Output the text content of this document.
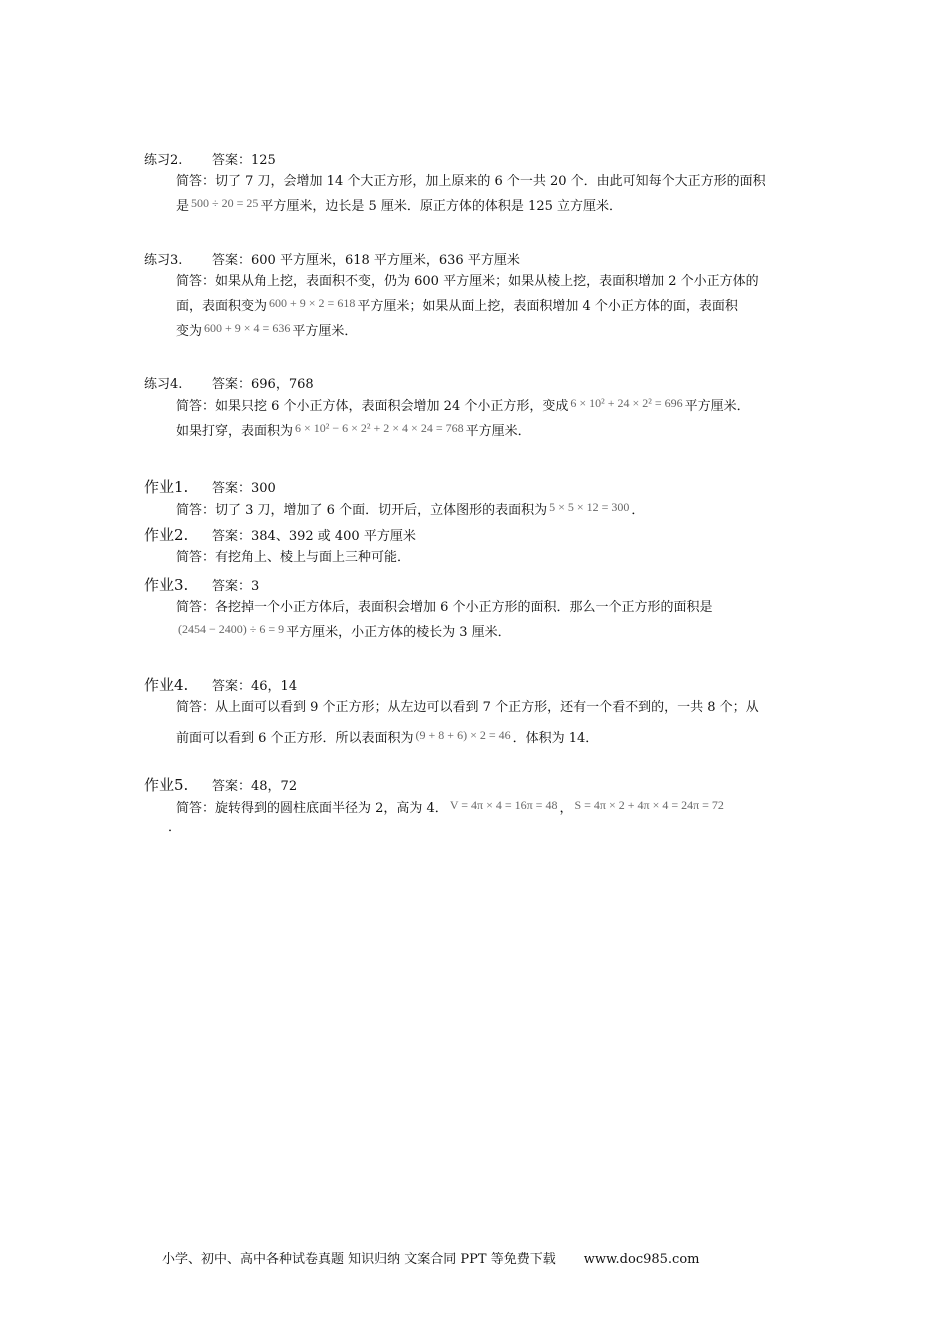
练习2. 答案：125
简答：切了 7 刀，会增加 14 个大正方形，加上原来的 6 个一共 20 个．由此可知每个大正方形的面积
是 500 ÷ 20 = 25 平方厘米，边长是 5 厘米．原正方体的体积是 125 立方厘米．
练习3. 答案：600 平方厘米，618 平方厘米，636 平方厘米
简答：如果从角上挖，表面积不变，仍为 600 平方厘米；如果从棱上挖，表面积增加 2 个小正方体的
面，表面积变为 600 + 9 × 2 = 618 平方厘米；如果从面上挖，表面积增加 4 个小正方体的面，表面积
变为 600 + 9 × 4 = 636 平方厘米．
练习4. 答案：696，768
简答：如果只挖 6 个小正方体，表面积会增加 24 个小正方形，变成 6 × 10² + 24 × 2² = 696 平方厘米．
如果打穿，表面积为 6 × 10² − 6 × 2² + 2 × 4 × 24 = 768 平方厘米．
作业1. 答案：300
简答：切了 3 刀，增加了 6 个面．切开后，立体图形的表面积为 5 × 5 × 12 = 300 ．
作业2. 答案：384、392 或 400 平方厘米
简答：有挖角上、棱上与面上三种可能．
作业3. 答案：3
简答：各挖掉一个小正方体后，表面积会增加 6 个小正方形的面积．那么一个正方形的面积是
(2454 − 2400) ÷ 6 = 9 平方厘米，小正方体的棱长为 3 厘米．
作业4. 答案：46，14
简答：从上面可以看到 9 个正方形；从左边可以看到 7 个正方形，还有一个看不到的，一共 8 个；从
前面可以看到 6 个正方形．所以表面积为 (9 + 8 + 6) × 2 = 46 ．体积为 14．
作业5. 答案：48，72
简答：旋转得到的圆柱底面半径为 2，高为 4． V = 4π × 4 = 16π = 48 ， S = 4π × 2 + 4π × 4 = 24π = 72
．
小学、初中、高中各种试卷真题 知识归纳 文案合同 PPT 等免费下载 www.doc985.com
